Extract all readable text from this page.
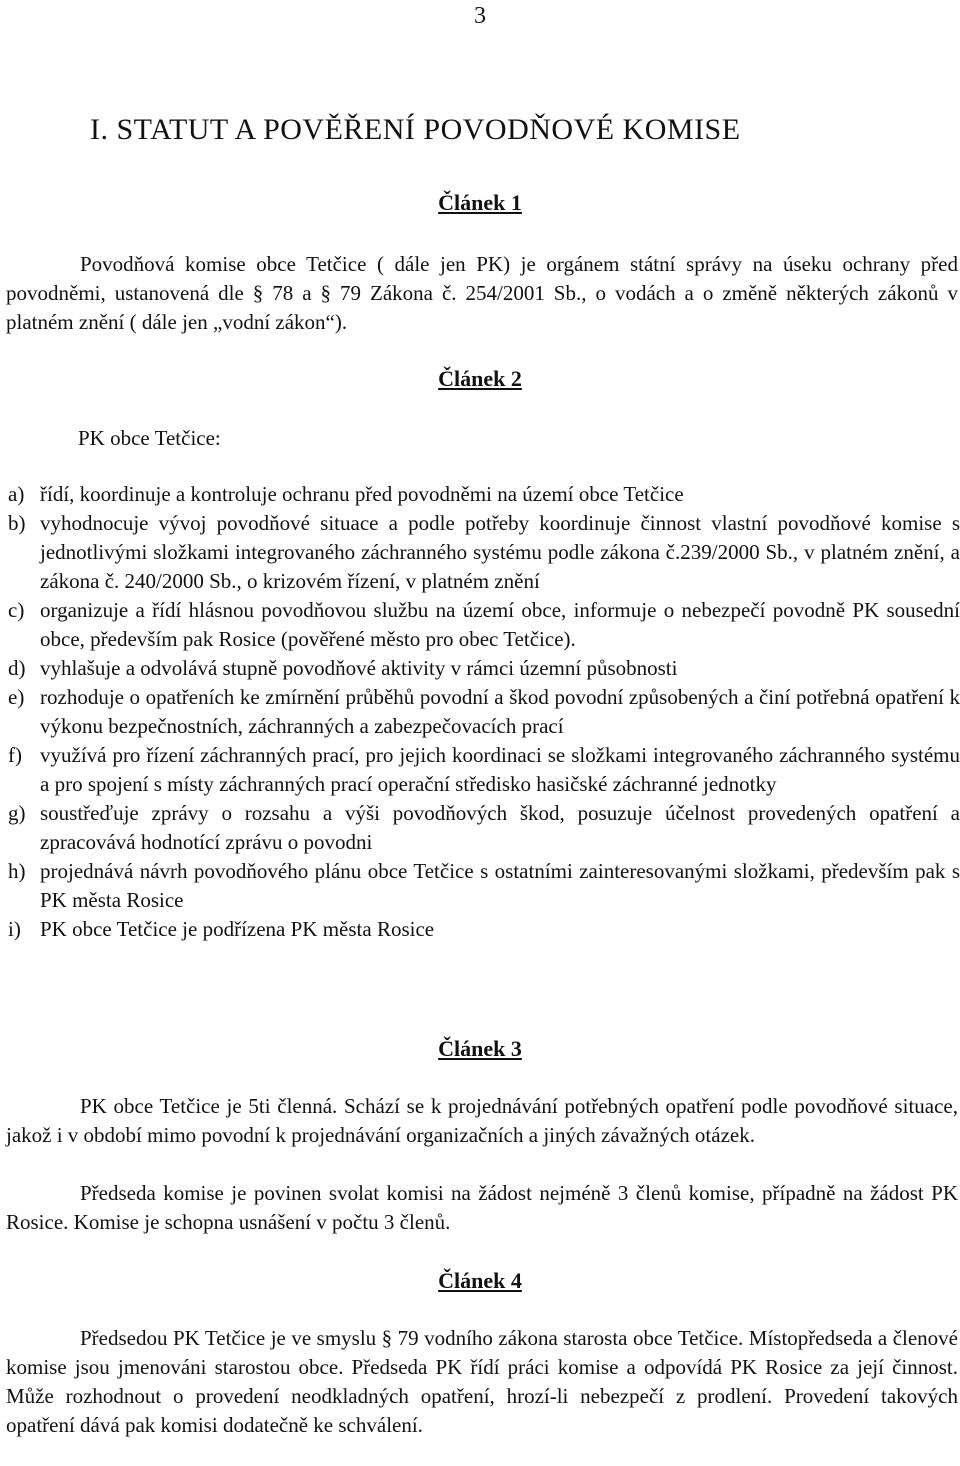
3
I. STATUT A POVĚŘENÍ POVODŇOVÉ KOMISE
Článek 1
Povodňová komise obce Tetčice ( dále jen PK) je orgánem státní správy na úseku ochrany před povodněmi, ustanovená dle § 78 a § 79 Zákona č. 254/2001 Sb., o vodách a o změně některých zákonů v platném znění ( dále jen „vodní zákon“).
Článek 2
PK obce Tetčice:
a) řídí, koordinuje a kontroluje ochranu před povodněmi na území obce Tetčice
b) vyhodnocuje vývoj povodňové situace a podle potřeby koordinuje činnost vlastní povodňové komise s jednotlivými složkami integrovaného záchranného systému podle zákona č.239/2000 Sb., v platném znění, a zákona č. 240/2000 Sb., o krizovém řízení, v platném znění
c) organizuje a řídí hlásnou povodňovou službu na území obce, informuje o nebezpečí povodně PK sousední obce, především pak Rosice (pověřené město pro obec Tetčice).
d) vyhlašuje a odvolává stupně povodňové aktivity v rámci územní působnosti
e) rozhoduje o opatřeních ke zmírnění průběhů povodní a škod povodní způsobených a činí potřebná opatření k výkonu bezpečnostních, záchranných a zabezpečovacích prací
f) využívá pro řízení záchranných prací, pro jejich koordinaci se složkami integrovaného záchranného systému a pro spojení s místy záchranných prací operační středisko hasičské záchranné jednotky
g) soustřeďuje zprávy o rozsahu a výši povodňových škod, posuzuje účelnost provedených opatření a zpracovává hodnotící zprávu o povodni
h) projednává návrh povodňového plánu obce Tetčice s ostatními zainteresovanými složkami, především pak s PK města Rosice
i) PK obce Tetčice je podřízena PK města Rosice
Článek 3
PK obce Tetčice je 5ti členná. Schází se k projednávání potřebných opatření podle povodňové situace, jakož i v období mimo povodní k projednávání organizačních a jiných závažných otázek.
Předseda komise je povinen svolat komisi na žádost nejméně 3 členů komise, případně na žádost PK Rosice. Komise je schopna usnášení v počtu 3 členů.
Článek 4
Předsedou PK Tetčice je ve smyslu § 79 vodního zákona starosta obce Tetčice. Místopředseda a členové komise jsou jmenováni starostou obce. Předseda PK řídí práci komise a odpovídá PK Rosice za její činnost. Může rozhodnout o provedení neodkladných opatření, hrozí-li nebezpečí z prodlení. Provedení takových opatření dává pak komisi dodatečně ke schválení.
